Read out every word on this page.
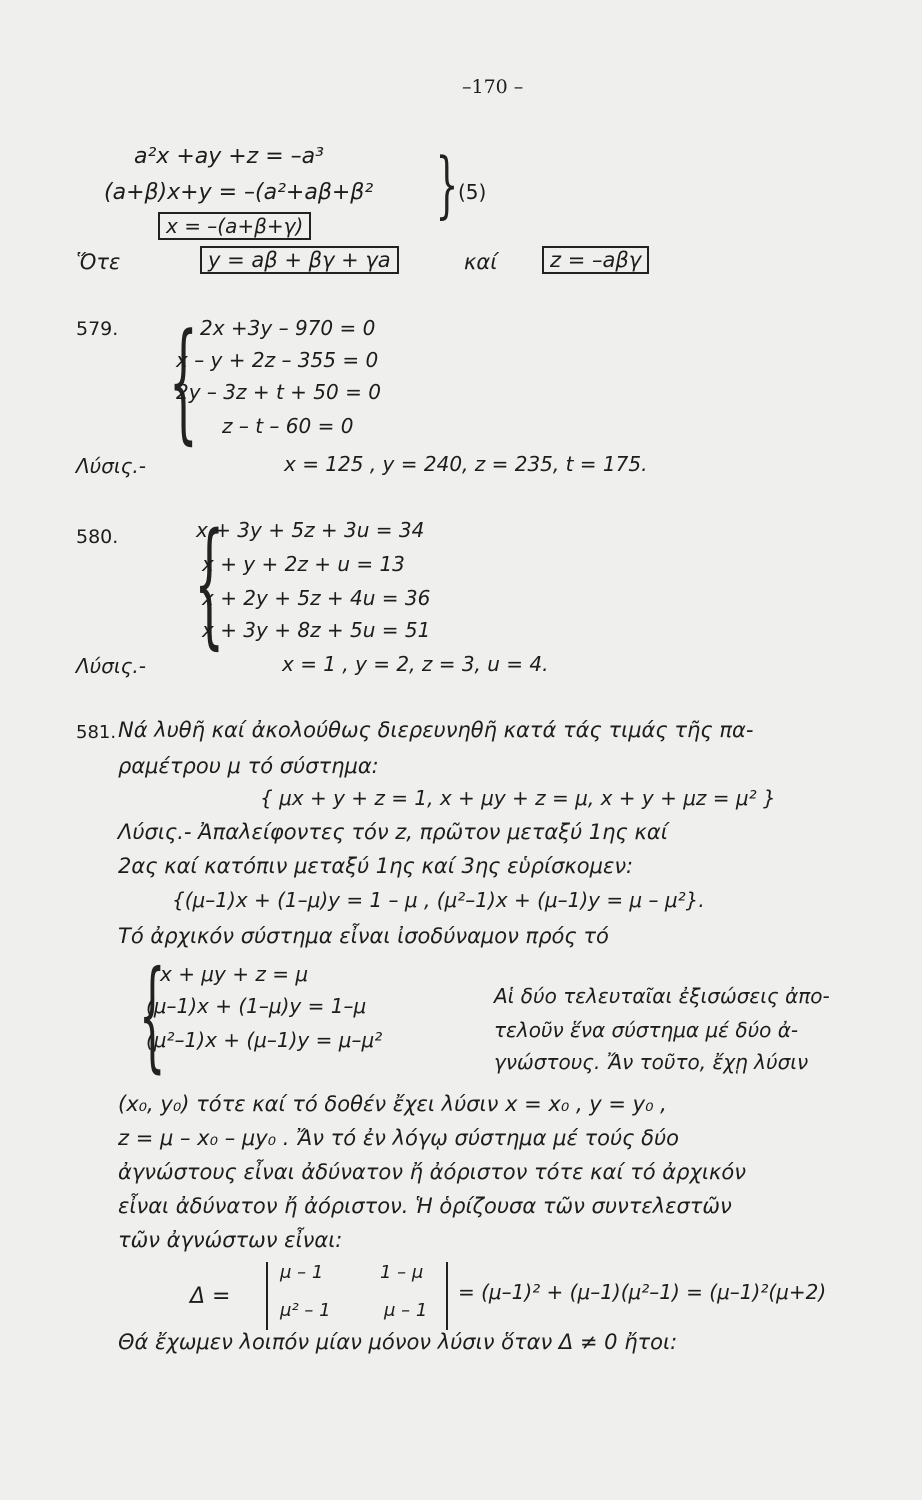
–170 –
a²x +ay +z = –a³
(a+β)x+y = –(a²+aβ+β²
x = –(a+β+γ) } (5)
Ὅτε	y = aβ + βγ + γa	καί	z = –aβγ
579. { 2x +3y – 970 = 0
x – y + 2z – 355 = 0
2y – 3z + t + 50 = 0
z – t – 60 = 0
Λύσις.-	x = 125 , y = 240, z = 235, t = 175.
580. {
x + 3y + 5z + 3u = 34
x + y + 2z + u = 13
x + 2y + 5z + 4u = 36
x + 3y + 8z + 5u = 51
Λύσις.-	x = 1 , y = 2, z = 3, u = 4.
581. Νά λυθῆ καί ἀκολούθως διερευνηθῆ κατά τάς τιμάς τῆς πα-
ραμέτρου μ τό σύστημα:
{ μx + y + z = 1, x + μy + z = μ, x + y + μz = μ² }
Λύσις.- Ἀπαλείφοντες τόν z, πρῶτον μεταξύ 1ης καί
2ας καί κατόπιν μεταξύ 1ης καί 3ης εὑρίσκομεν:
{(μ–1)x + (1–μ)y = 1 – μ , (μ²–1)x + (μ–1)y = μ – μ²}.
Τό ἀρχικόν σύστημα εἶναι ἰσοδύναμον πρός τό
{
x + μy + z = μ
(μ–1)x + (1–μ)y = 1–μ
(μ²–1)x + (μ–1)y = μ–μ²
Αἱ δύο τελευταῖαι ἐξισώσεις ἀπο-
τελοῦν ἕνα σύστημα μέ δύο ἀ-
γνώστους. Ἄν τοῦτο, ἔχῃ λύσιν
(x₀, y₀) τότε καί τό δοθέν ἔχει λύσιν x = x₀ , y = y₀ ,
z = μ – x₀ – μy₀ . Ἄν τό ἐν λόγῳ σύστημα μέ τούς δύο
ἀγνώστους εἶναι ἀδύνατον ἤ ἀόριστον τότε καί τό ἀρχικόν
εἶναι ἀδύνατον ἤ ἀόριστον. Ἡ ὁρίζουσα τῶν συντελεστῶν
τῶν ἀγνώστων εἶναι:
Δ =
μ – 1	1 – μ
μ² – 1	μ – 1
= (μ–1)² + (μ–1)(μ²–1) = (μ–1)²(μ+2)
Θά ἔχωμεν λοιπόν μίαν μόνον λύσιν ὅταν Δ ≠ 0 ἤτοι:
